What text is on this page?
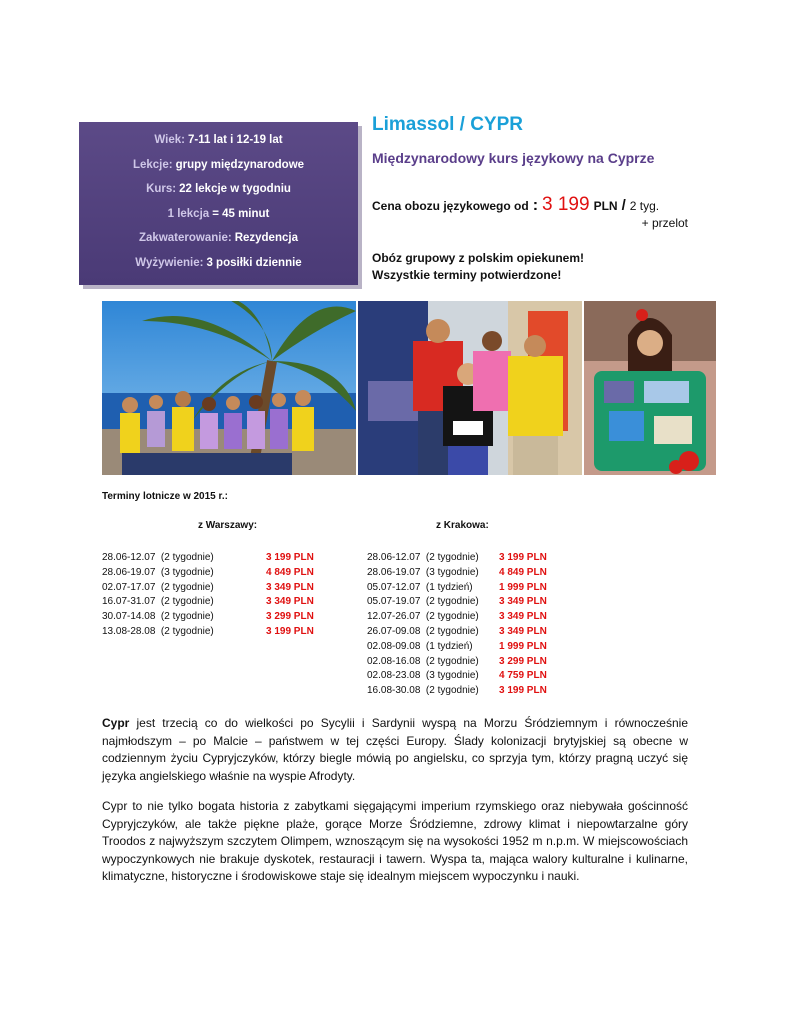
Wiek: 7-11 lat i 12-19 lat
Lekcje: grupy międzynarodowe
Kurs: 22 lekcje w tygodniu
1 lekcja = 45 minut
Zakwaterowanie: Rezydencja
Wyżywienie: 3 posiłki dziennie
Limassol / CYPR
Międzynarodowy kurs językowy na Cyprze
Cena obozu językowego od : 3 199 PLN / 2 tyg.
+ przelot
Obóz grupowy z polskim opiekunem!
Wszystkie terminy potwierdzone!
Terminy lotnicze w 2015 r.:
z Warszawy:	z Krakowa:
28.06-12.07  (2 tygodnie)	3 199 PLN
28.06-19.07  (3 tygodnie)	4 849 PLN
02.07-17.07  (2 tygodnie)	3 349 PLN
16.07-31.07  (2 tygodnie)	3 349 PLN
30.07-14.08  (2 tygodnie)	3 299 PLN
13.08-28.08  (2 tygodnie)	3 199 PLN
28.06-12.07  (2 tygodnie) 3 199 PLN
28.06-19.07  (3 tygodnie) 4 849 PLN
05.07-12.07  (1 tydzień)	1 999 PLN
05.07-19.07  (2 tygodnie) 3 349 PLN
12.07-26.07  (2 tygodnie) 3 349 PLN
26.07-09.08  (2 tygodnie) 3 349 PLN
02.08-09.08  (1 tydzień)	1 999 PLN
02.08-16.08  (2 tygodnie) 3 299 PLN
02.08-23.08  (3 tygodnie) 4 759 PLN
16.08-30.08  (2 tygodnie) 3 199 PLN
Cypr jest trzecią co do wielkości po Sycylii i Sardynii wyspą na Morzu Śródziemnym i równocześnie najmłodszym – po Malcie – państwem w tej części Europy. Ślady kolonizacji brytyjskiej są obecne w codziennym życiu Cypryjczyków, którzy biegle mówią po angielsku, co sprzyja tym, którzy pragną uczyć się języka angielskiego właśnie na wyspie Afrodyty.
Cypr to nie tylko bogata historia z zabytkami sięgającymi imperium rzymskiego oraz niebywała gościnność Cypryjczyków, ale także piękne plaże, gorące Morze Śródziemne, zdrowy klimat i niepowtarzalne góry Troodos z najwyższym szczytem Olimpem, wznoszącym się na wysokości 1952 m n.p.m. W miejscowościach wypoczynkowych nie brakuje dyskotek, restauracji i tawern. Wyspa ta, mająca walory kulturalne i kulinarne, klimatyczne, historyczne i środowiskowe staje się idealnym miejscem wypoczynku i nauki.
